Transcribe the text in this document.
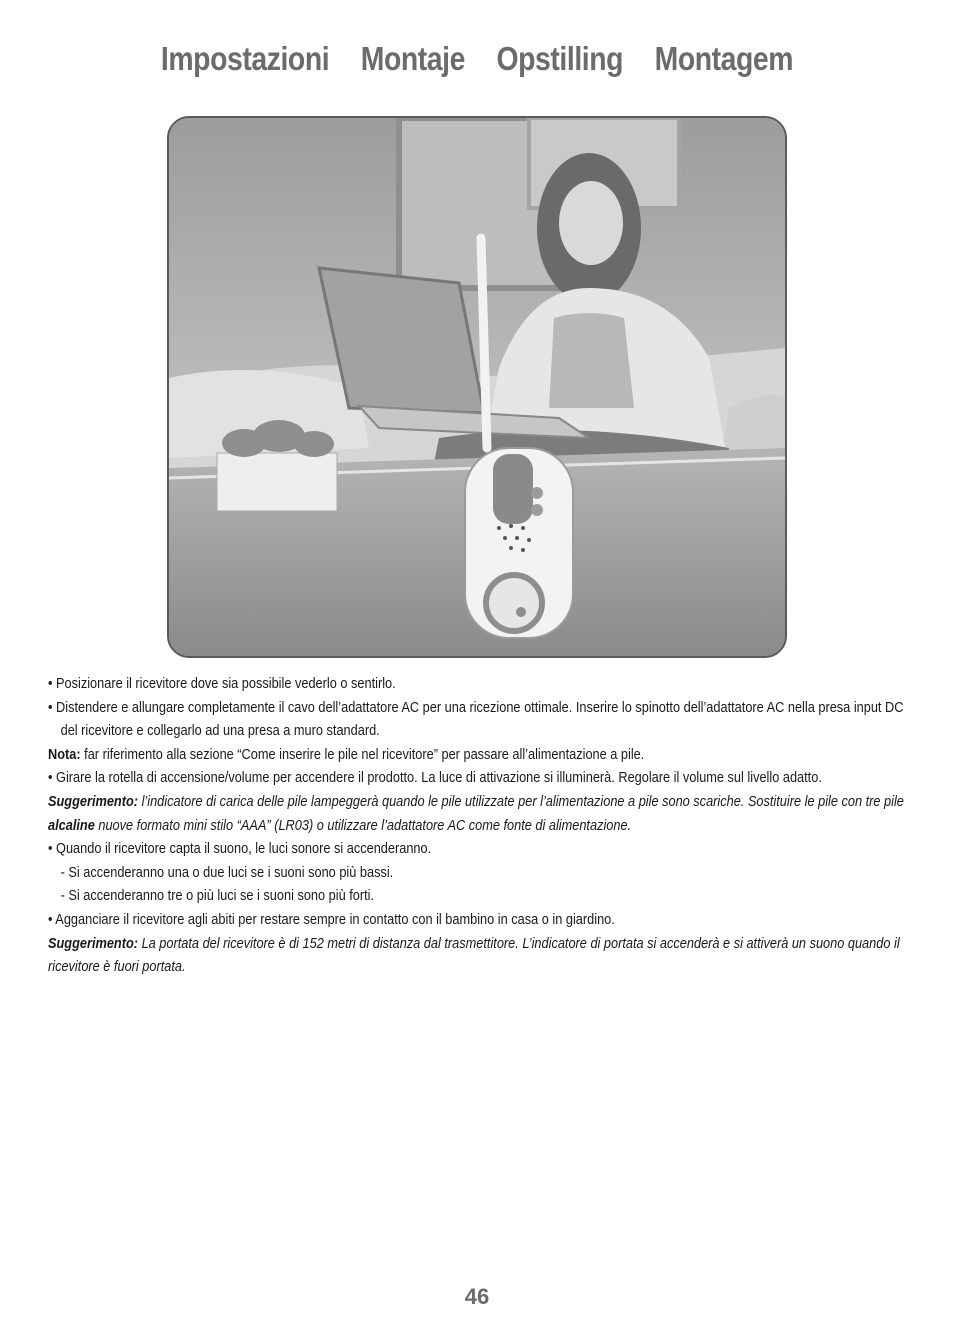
Impostazioni Montaje Opstilling Montagem

• Posizionare il ricevitore dove sia possibile vederlo o sentirlo.

• Distendere e allungare completamente il cavo dell’adattatore AC per una ricezione ottimale. Inserire lo spinotto dell’adattatore AC nella presa input DC del ricevitore e collegarlo ad una presa a muro standard.

Nota: far riferimento alla sezione “Come inserire le pile nel ricevitore” per passare all’alimentazione a pile.

• Girare la rotella di accensione/volume per accendere il prodotto. La luce di attivazione si illuminerà. Regolare il volume sul livello adatto.

Suggerimento: l’indicatore di carica delle pile lampeggerà quando le pile utilizzate per l’alimentazione a pile sono scariche. Sostituire le pile con tre pile alcaline nuove formato mini stilo “AAA” (LR03) o utilizzare l’adattatore AC come fonte di alimentazione.

• Quando il ricevitore capta il suono, le luci sonore si accenderanno.

- Si accenderanno una o due luci se i suoni sono più bassi.

- Si accenderanno tre o più luci se i suoni sono più forti.

• Agganciare il ricevitore agli abiti per restare sempre in contatto con il bambino in casa o in giardino.

Suggerimento: La portata del ricevitore è di 152 metri di distanza dal trasmettitore. L’indicatore di portata si accenderà e si attiverà un suono quando il ricevitore è fuori portata.

46
